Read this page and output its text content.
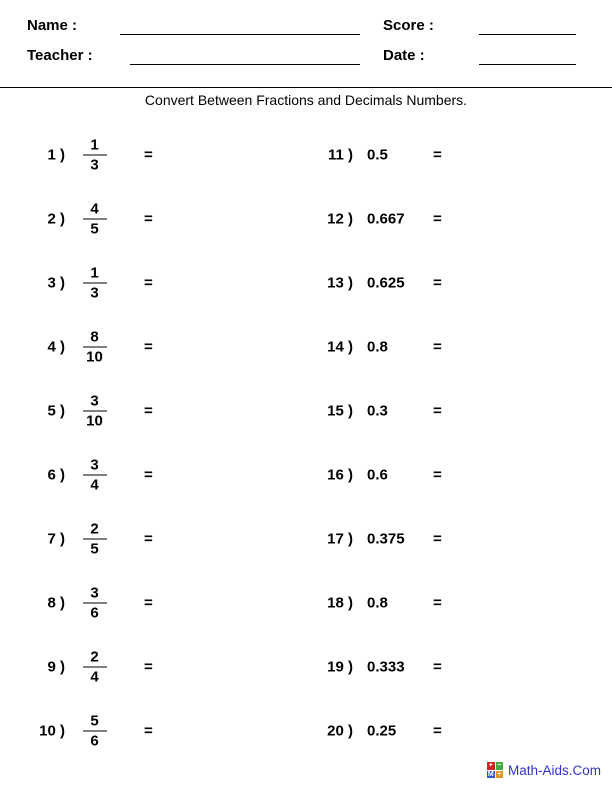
Name :	Score :
Teacher :	Date :
Convert Between Fractions and Decimals Numbers.
1 )
1
3
=	11 ) 0.5	=
2 )
4
5
=	12 ) 0.667 =
3 )
1
3
=	13 ) 0.625 =
4 )
8
10
=	14 ) 0.8	=
5 )
3
10
=	15 ) 0.3	=
6 )
3
4
=	16 ) 0.6	=
7 )
2
5
=	17 ) 0.375 =
8 )
3
6
=	18 ) 0.8	=
9 )
2
4
=	19 ) 0.333 =
10 )
5
6
=	20 ) 0.25 =
+ −
M ÷ Math-Aids.Com
